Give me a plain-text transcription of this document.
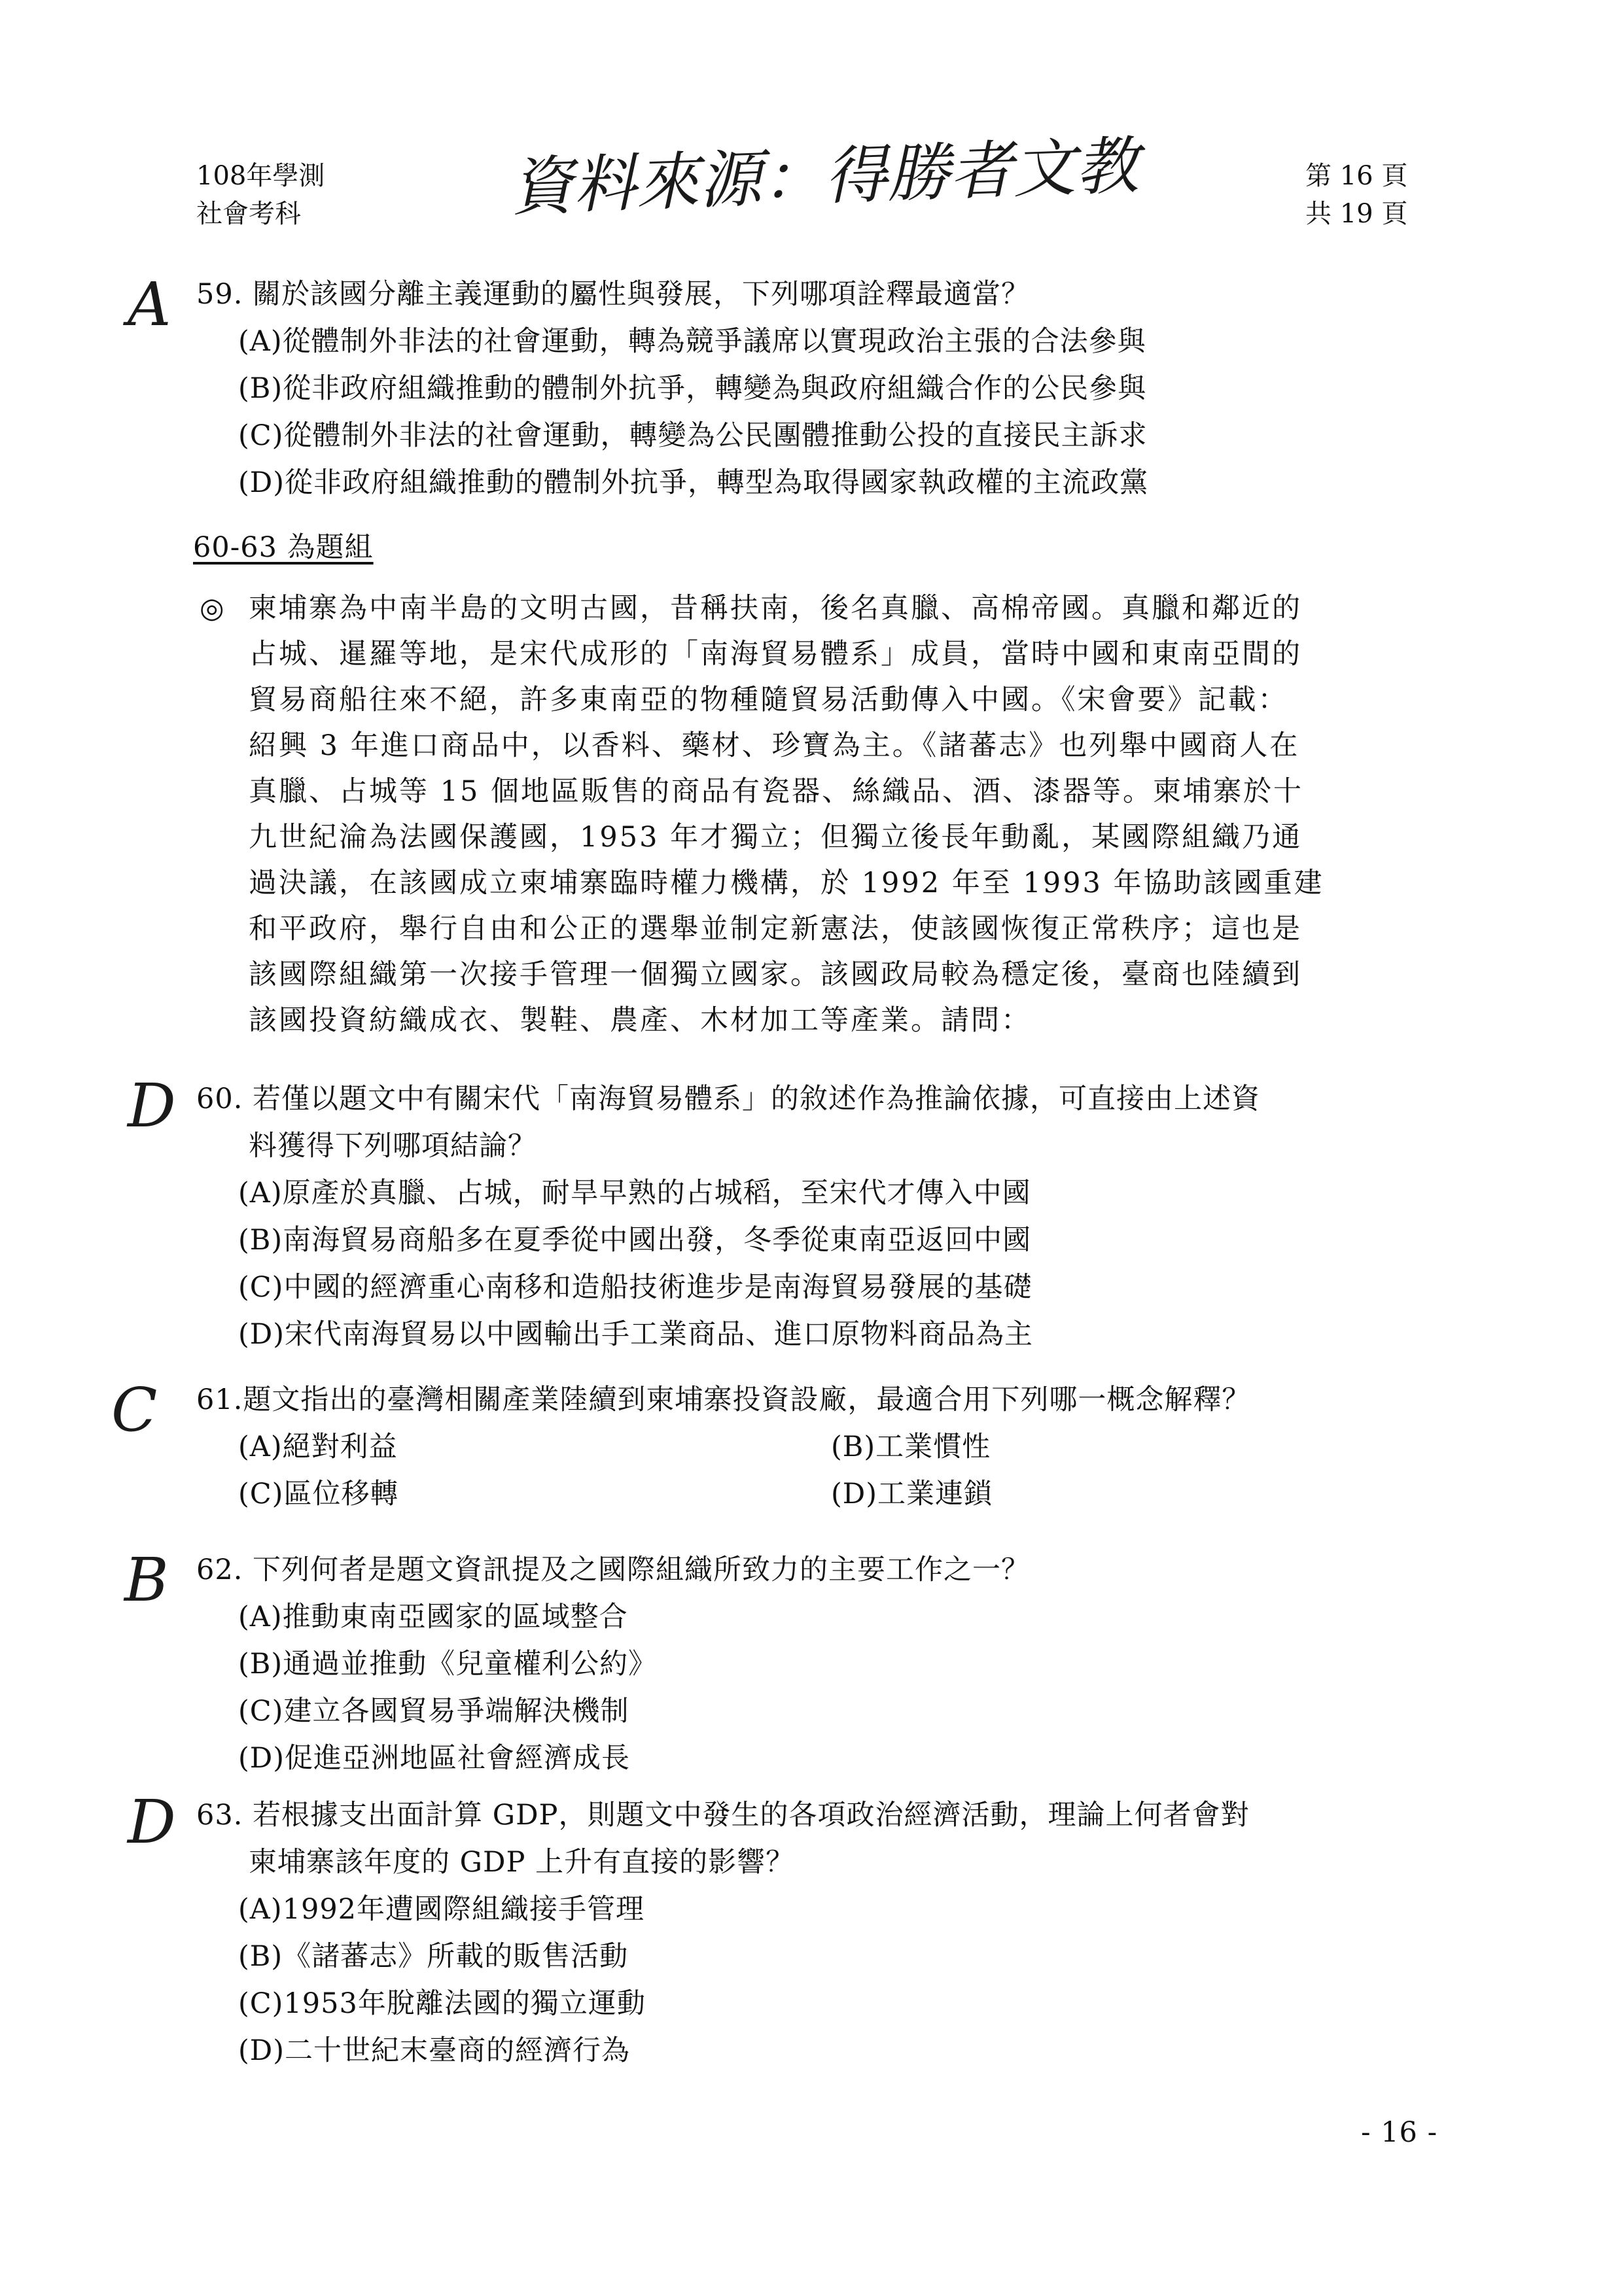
108年學測
社會考科	資料來源：得勝者文教	第 16 頁
共 19 頁
A 59. 關於該國分離主義運動的屬性與發展，下列哪項詮釋最適當？
(A)從體制外非法的社會運動，轉為競爭議席以實現政治主張的合法參與
(B)從非政府組織推動的體制外抗爭，轉變為與政府組織合作的公民參與
(C)從體制外非法的社會運動，轉變為公民團體推動公投的直接民主訴求
(D)從非政府組織推動的體制外抗爭，轉型為取得國家執政權的主流政黨
60-63 為題組
◎ 柬埔寨為中南半島的文明古國，昔稱扶南，後名真臘、高棉帝國。真臘和鄰近的
占城、暹羅等地，是宋代成形的「南海貿易體系」成員，當時中國和東南亞間的
貿易商船往來不絕，許多東南亞的物種隨貿易活動傳入中國。《宋會要》記載：
紹興 3 年進口商品中，以香料、藥材、珍寶為主。《諸蕃志》也列舉中國商人在
真臘、占城等 15 個地區販售的商品有瓷器、絲織品、酒、漆器等。柬埔寨於十
九世紀淪為法國保護國，1953 年才獨立；但獨立後長年動亂，某國際組織乃通
過決議，在該國成立柬埔寨臨時權力機構，於 1992 年至 1993 年協助該國重建
和平政府，舉行自由和公正的選舉並制定新憲法，使該國恢復正常秩序；這也是
該國際組織第一次接手管理一個獨立國家。該國政局較為穩定後，臺商也陸續到
該國投資紡織成衣、製鞋、農產、木材加工等產業。請問：
D 60. 若僅以題文中有關宋代「南海貿易體系」的敘述作為推論依據，可直接由上述資
料獲得下列哪項結論？
(A)原產於真臘、占城，耐旱早熟的占城稻，至宋代才傳入中國
(B)南海貿易商船多在夏季從中國出發，冬季從東南亞返回中國
(C)中國的經濟重心南移和造船技術進步是南海貿易發展的基礎
(D)宋代南海貿易以中國輸出手工業商品、進口原物料商品為主
C 61.題文指出的臺灣相關產業陸續到柬埔寨投資設廠，最適合用下列哪一概念解釋？
(A)絕對利益	(B)工業慣性
(C)區位移轉	(D)工業連鎖
B 62. 下列何者是題文資訊提及之國際組織所致力的主要工作之一？
(A)推動東南亞國家的區域整合
(B)通過並推動《兒童權利公約》
(C)建立各國貿易爭端解決機制
(D)促進亞洲地區社會經濟成長
D 63. 若根據支出面計算 GDP，則題文中發生的各項政治經濟活動，理論上何者會對
柬埔寨該年度的 GDP 上升有直接的影響？
(A)1992年遭國際組織接手管理
(B)《諸蕃志》所載的販售活動
(C)1953年脫離法國的獨立運動
(D)二十世紀末臺商的經濟行為
- 16 -
